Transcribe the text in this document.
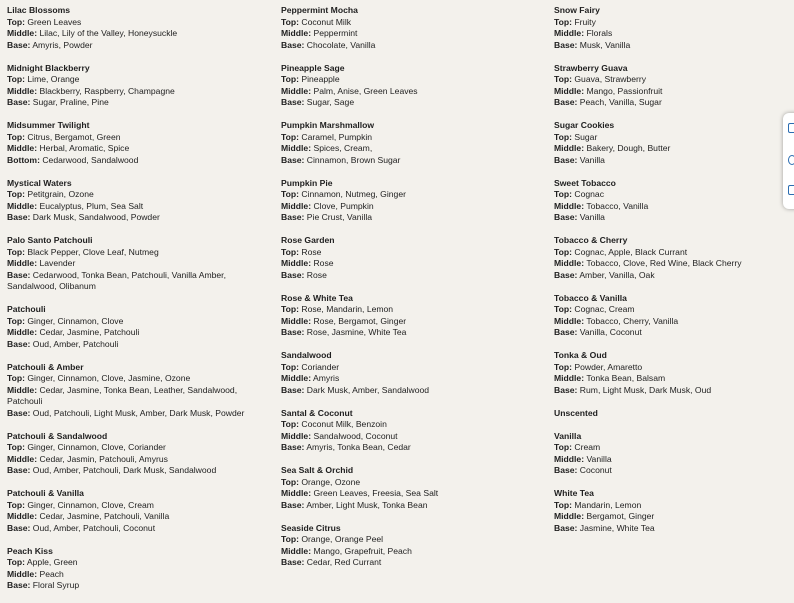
Lilac Blossoms
Top: Green Leaves
Middle: Lilac, Lily of the Valley, Honeysuckle
Base: Amyris, Powder
Midnight Blackberry
Top: Lime, Orange
Middle: Blackberry, Raspberry, Champagne
Base: Sugar, Praline, Pine
Midsummer Twilight
Top: Citrus, Bergamot, Green
Middle: Herbal, Aromatic, Spice
Bottom: Cedarwood, Sandalwood
Mystical Waters
Top: Petitgrain, Ozone
Middle: Eucalyptus, Plum, Sea Salt
Base: Dark Musk, Sandalwood, Powder
Palo Santo Patchouli
Top: Black Pepper, Clove Leaf, Nutmeg
Middle: Lavender
Base: Cedarwood, Tonka Bean, Patchouli, Vanilla Amber, Sandalwood, Olibanum
Patchouli
Top: Ginger, Cinnamon, Clove
Middle: Cedar, Jasmine, Patchouli
Base: Oud, Amber, Patchouli
Patchouli & Amber
Top: Ginger, Cinnamon, Clove, Jasmine, Ozone
Middle: Cedar, Jasmine, Tonka Bean, Leather, Sandalwood, Patchouli
Base: Oud, Patchouli, Light Musk, Amber, Dark Musk, Powder
Patchouli & Sandalwood
Top: Ginger, Cinnamon, Clove, Coriander
Middle: Cedar, Jasmin, Patchouli, Amyrus
Base: Oud, Amber, Patchouli, Dark Musk, Sandalwood
Patchouli & Vanilla
Top: Ginger, Cinnamon, Clove, Cream
Middle: Cedar, Jasmine, Patchouli, Vanilla
Base: Oud, Amber, Patchouli, Coconut
Peach Kiss
Top: Apple, Green
Middle: Peach
Base: Floral Syrup
Peppermint Mocha
Top: Coconut Milk
Middle: Peppermint
Base: Chocolate, Vanilla
Pineapple Sage
Top: Pineapple
Middle: Palm, Anise, Green Leaves
Base: Sugar, Sage
Pumpkin Marshmallow
Top: Caramel, Pumpkin
Middle: Spices, Cream,
Base: Cinnamon, Brown Sugar
Pumpkin Pie
Top: Cinnamon, Nutmeg, Ginger
Middle: Clove, Pumpkin
Base: Pie Crust, Vanilla
Rose Garden
Top: Rose
Middle: Rose
Base: Rose
Rose & White Tea
Top: Rose, Mandarin, Lemon
Middle: Rose, Bergamot, Ginger
Base: Rose, Jasmine, White Tea
Sandalwood
Top: Coriander
Middle: Amyris
Base: Dark Musk, Amber, Sandalwood
Santal & Coconut
Top: Coconut Milk, Benzoin
Middle: Sandalwood, Coconut
Base: Amyris, Tonka Bean, Cedar
Sea Salt & Orchid
Top: Orange, Ozone
Middle: Green Leaves, Freesia, Sea Salt
Base: Amber, Light Musk, Tonka Bean
Seaside Citrus
Top: Orange, Orange Peel
Middle: Mango, Grapefruit, Peach
Base: Cedar, Red Currant
Snow Fairy
Top: Fruity
Middle: Florals
Base: Musk, Vanilla
Strawberry Guava
Top: Guava, Strawberry
Middle: Mango, Passionfruit
Base: Peach, Vanilla, Sugar
Sugar Cookies
Top: Sugar
Middle: Bakery, Dough, Butter
Base: Vanilla
Sweet Tobacco
Top: Cognac
Middle: Tobacco, Vanilla
Base: Vanilla
Tobacco & Cherry
Top: Cognac, Apple, Black Currant
Middle: Tobacco, Clove, Red Wine, Black Cherry
Base: Amber, Vanilla, Oak
Tobacco & Vanilla
Top: Cognac, Cream
Middle: Tobacco, Cherry, Vanilla
Base: Vanilla, Coconut
Tonka & Oud
Top: Powder, Amaretto
Middle: Tonka Bean, Balsam
Base: Rum, Light Musk, Dark Musk, Oud
Unscented
Vanilla
Top: Cream
Middle: Vanilla
Base: Coconut
White Tea
Top: Mandarin, Lemon
Middle: Bergamot, Ginger
Base: Jasmine, White Tea
